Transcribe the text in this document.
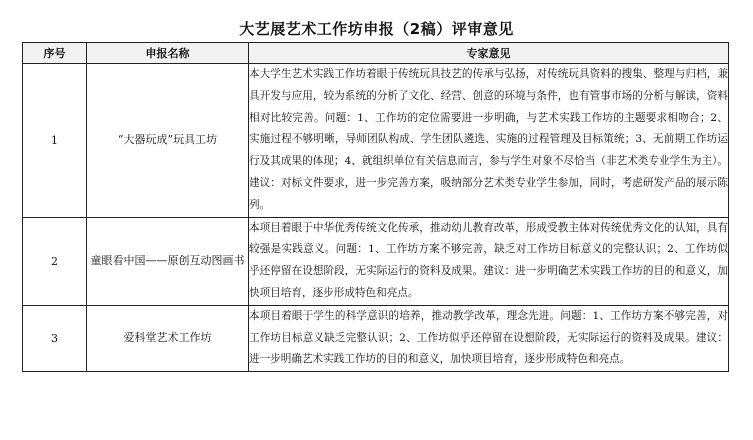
大艺展艺术工作坊申报（2稿）评审意见
序号	申报名称	专家意见
1	“大器玩成”玩具工坊	本大学生艺术实践工作坊着眼于传统玩具技艺的传承与弘扬，对传统玩具资料的搜集、整理与归档，兼具开发与应用，较为系统的分析了文化、经营、创意的环境与条件，也有管事市场的分析与解读，资料相对比较完善。问题：1、工作坊的定位需要进一步明确，与艺术实践工作坊的主题要求相吻合；2、实施过程不够明晰，导师团队构成、学生团队遴选、实施的过程管理及目标策统；3、无前期工作坊运行及其成果的体现；4、就组织单位有关信息而言，参与学生对象不尽恰当（非艺术类专业学生为主）。建议：对标文件要求，进一步完善方案，吸纳部分艺术类专业学生参加，同时，考虑研发产品的展示陈列。
2	童眼看中国——原创互动图画书	本项目着眼于中华优秀传统文化传承，推动幼儿教育改革，形成受教主体对传统优秀文化的认知，具有较强是实践意义。问题：1、工作坊方案不够完善，缺乏对工作坊目标意义的完整认识；2、工作坊似乎还停留在设想阶段，无实际运行的资料及成果。建议：进一步明确艺术实践工作坊的目的和意义，加快项目培育，逐步形成特色和亮点。
3	爱科堂艺术工作坊	本项目着眼于学生的科学意识的培养，推动教学改革，理念先进。问题：1、工作坊方案不够完善，对工作坊目标意义缺乏完整认识；2、工作坊似乎还停留在设想阶段，无实际运行的资料及成果。建议：进一步明确艺术实践工作坊的目的和意义，加快项目培育，逐步形成特色和亮点。
